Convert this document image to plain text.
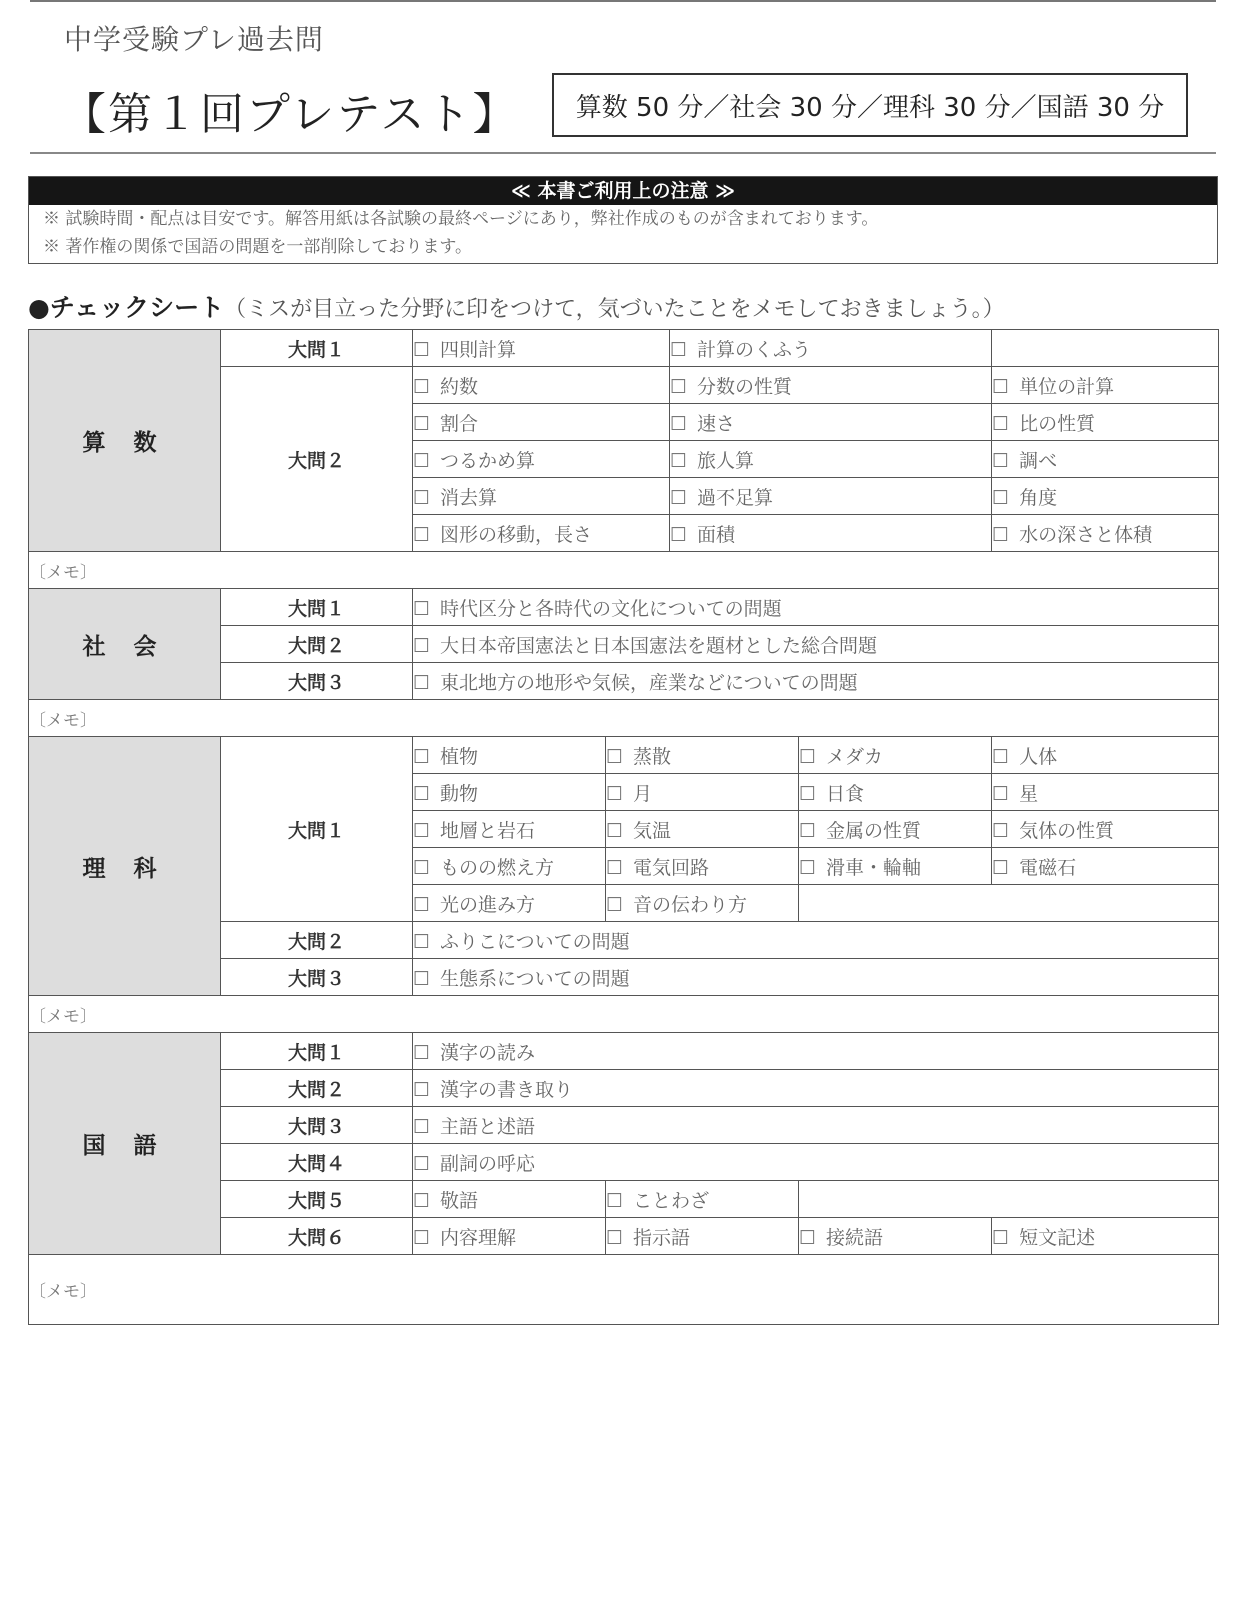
中学受験プレ過去問
【第１回プレテスト】	算数 50 分／社会 30 分／理科 30 分／国語 30 分
≪ 本書ご利用上の注意 ≫
※ 試験時間・配点は目安です。解答用紙は各試験の最終ページにあり，弊社作成のものが含まれております。
※ 著作権の関係で国語の問題を一部削除しております。
●チェックシート（ミスが目立った分野に印をつけて，気づいたことをメモしておきましょう。）
算 数	大問１	☐ 四則計算		☐ 計算のくふう		
	大問２	☐ 約数		☐ 分数の性質		☐ 単位の計算
		☐ 割合		☐ 速さ		☐ 比の性質
		☐ つるかめ算		☐ 旅人算		☐ 調べ
		☐ 消去算		☐ 過不足算		☐ 角度
		☐ 図形の移動，長さ		☐ 面積		☐ 水の深さと体積
〔メモ〕						
社 会	大問１	☐ 時代区分と各時代の文化についての問題				
	大問２	☐ 大日本帝国憲法と日本国憲法を題材とした総合問題				
	大問３	☐ 東北地方の地形や気候，産業などについての問題				
〔メモ〕						
理 科	大問１	☐ 植物	☐ 蒸散		☐ メダカ	☐ 人体
		☐ 動物	☐ 月		☐ 日食	☐ 星
		☐ 地層と岩石	☐ 気温		☐ 金属の性質	☐ 気体の性質
		☐ ものの燃え方	☐ 電気回路		☐ 滑車・輪軸	☐ 電磁石
		☐ 光の進み方	☐ 音の伝わり方			
	大問２	☐ ふりこについての問題				
	大問３	☐ 生態系についての問題				
〔メモ〕						
国 語	大問１	☐ 漢字の読み				
	大問２	☐ 漢字の書き取り				
	大問３	☐ 主語と述語				
	大問４	☐ 副詞の呼応				
	大問５	☐ 敬語	☐ ことわざ			
	大問６	☐ 内容理解	☐ 指示語		☐ 接続語	☐ 短文記述
〔メモ〕						
